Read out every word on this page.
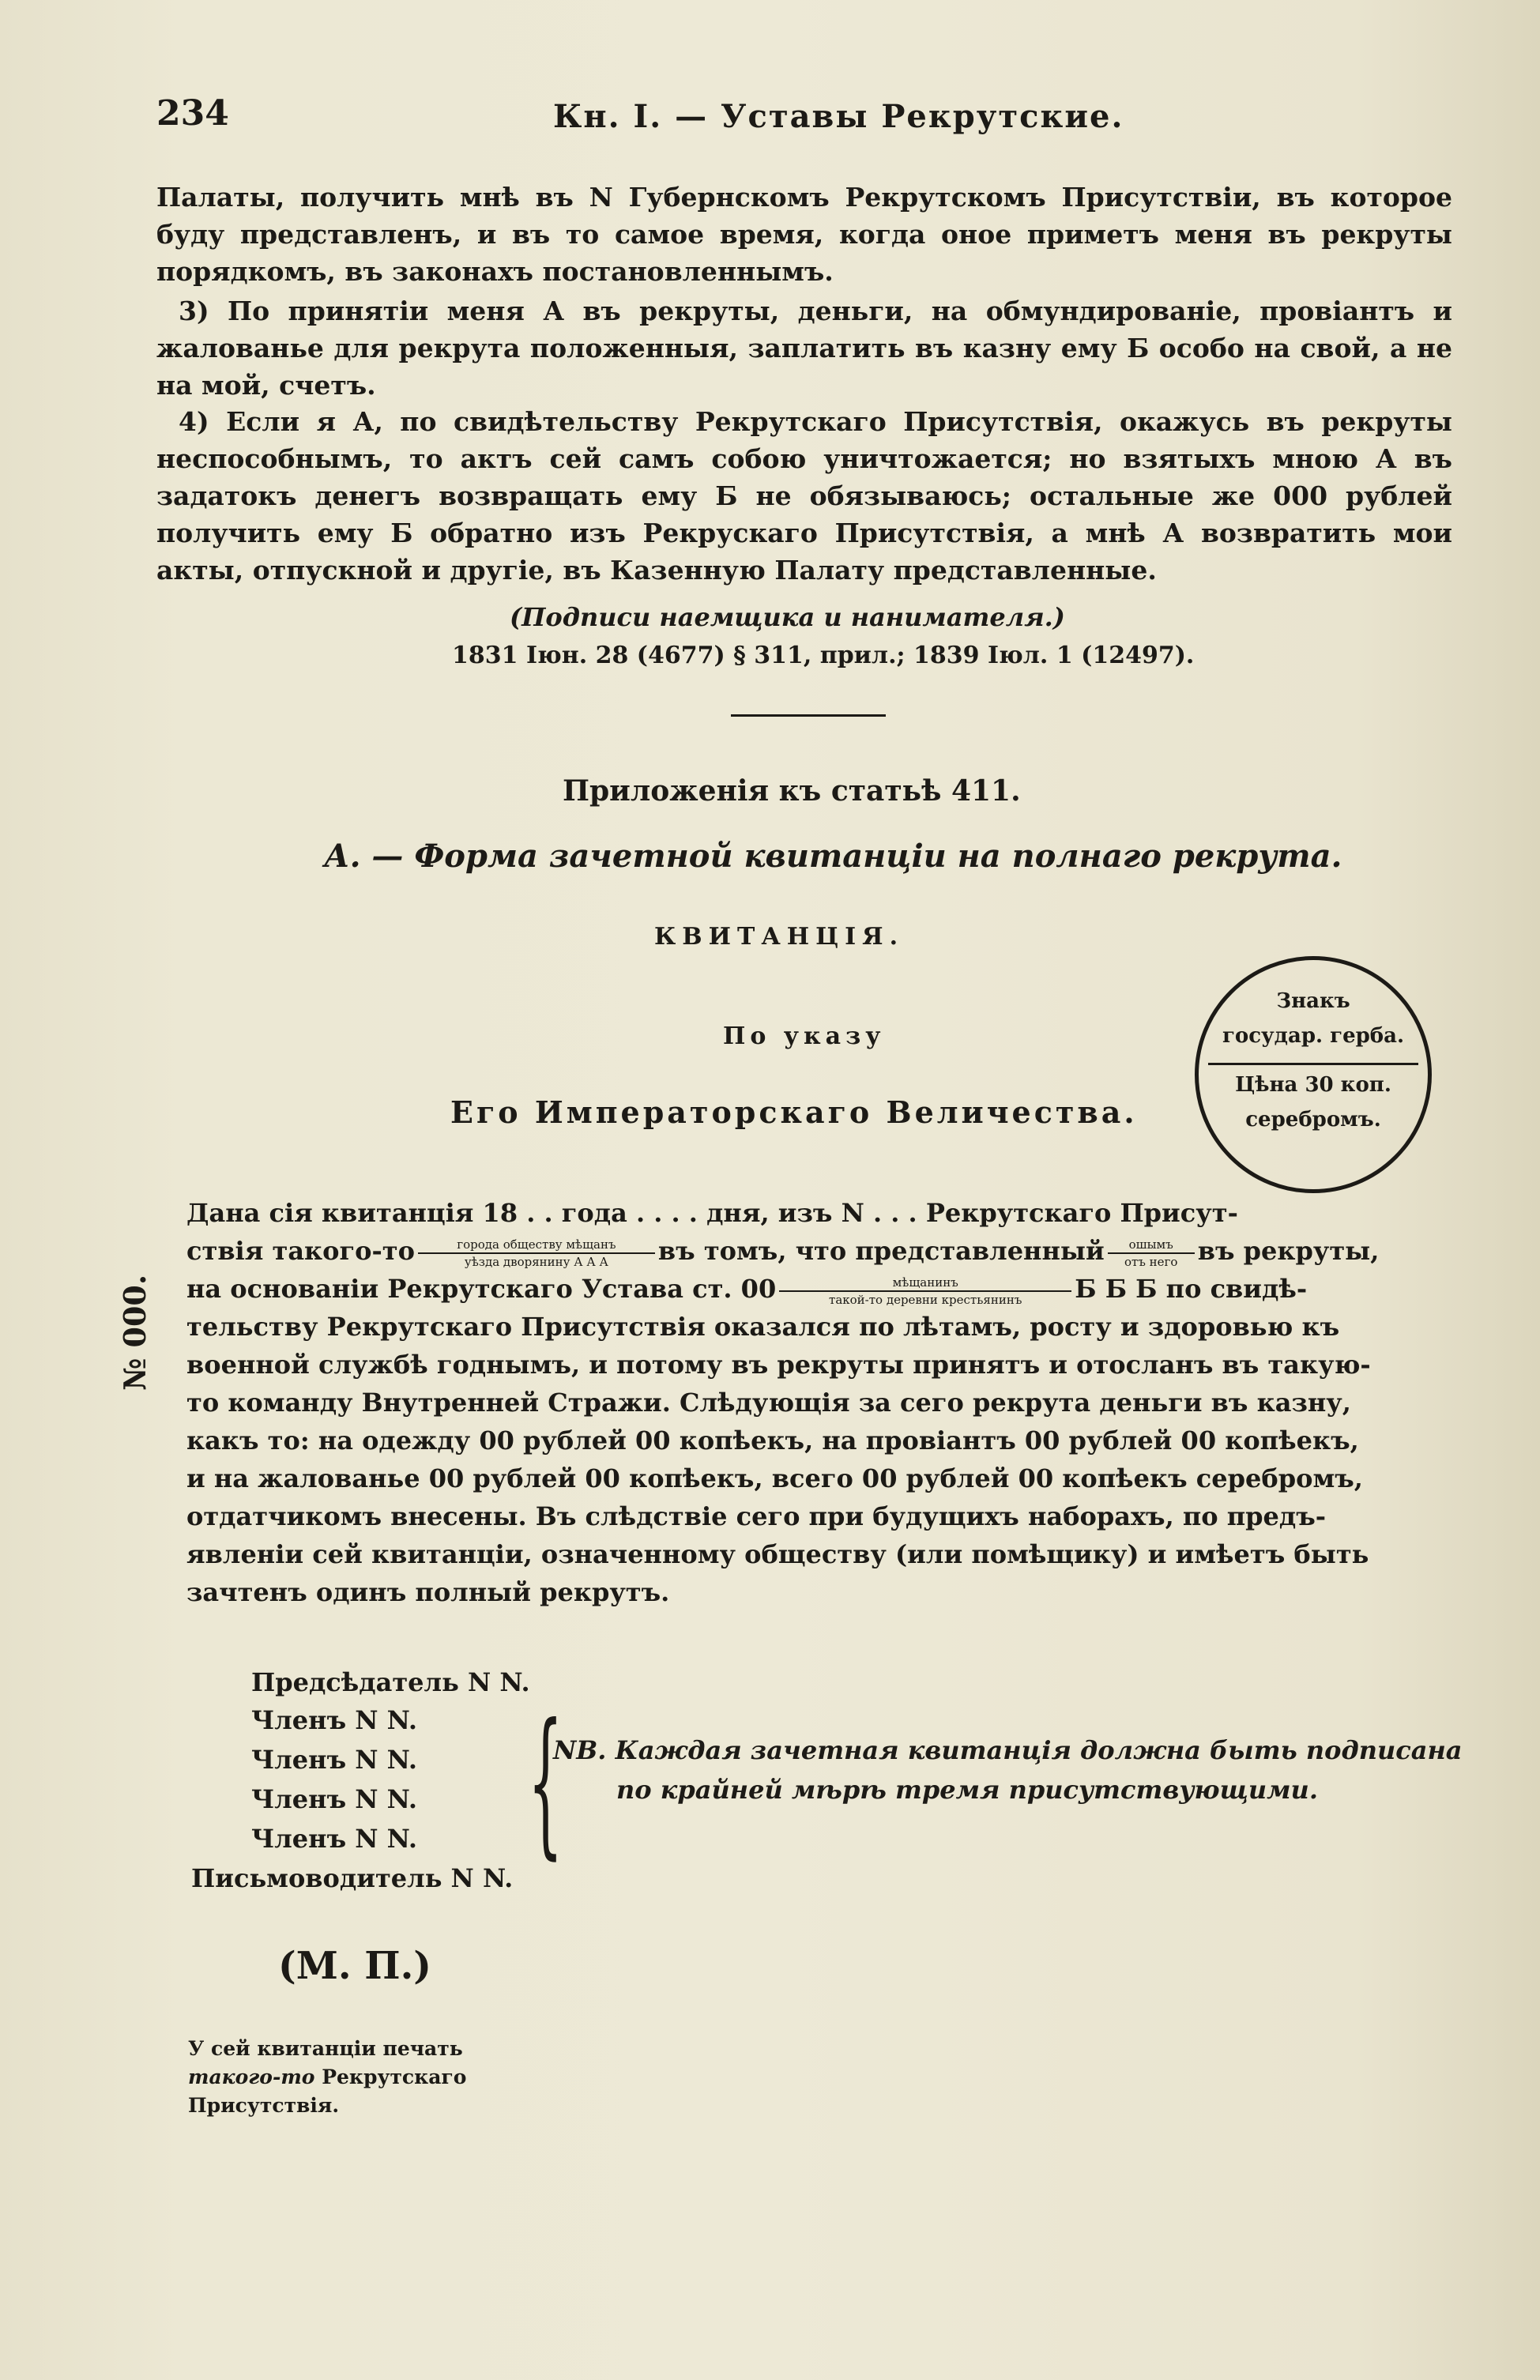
234	Кн. I. — Уставы Рекрутские.
Палаты, получить мнѣ въ N Губернскомъ Рекрутскомъ Присутствіи, въ которое буду представленъ, и въ то самое время, когда оное приметъ меня въ рекруты порядкомъ, въ законахъ постановленнымъ.
3) По принятіи меня А въ рекруты, деньги, на обмундированіе, провіантъ и жалованье для рекрута положенныя, заплатить въ казну ему Б особо на свой, а не на мой, счетъ.
4) Если я А, по свидѣтельству Рекрутскаго Присутствія, окажусь въ рекруты неспособнымъ, то актъ сей самъ собою уничтожается; но взятыхъ мною А въ задатокъ денегъ возвращать ему Б не обязываюсь; остальные же 000 рублей получить ему Б обратно изъ Рекрускаго Присутствія, а мнѣ А возвратить мои акты, отпускной и другіе, въ Казенную Палату представленные.
(Подписи наемщика и нанимателя.)
1831 Іюн. 28 (4677) § 311, прил.; 1839 Іюл. 1 (12497).
Приложенія къ статьѣ 411.
А. — Форма зачетной квитанціи на полнаго рекрута.
КВИТАНЦІЯ.
По указу
Его Императорскаго Величества.
Знакъ
государ. герба.
Цѣна 30 коп.
серебромъ.
№ 000.
Дана сія квитанція 18 . . года . . . . дня, изъ N . . . Рекрутскаго Присут-
ствія такого-то	города обществу мѣщанъ
уѣзда дворянину А А А	въ томъ, что представленный	ошымъ
отъ него въ рекруты,
на основаніи Рекрутскаго Устава ст. 00	мѣщанинъ
такой-то деревни крестьянинъ	Б Б Б по свидѣ-
тельству Рекрутскаго Присутствія оказался по лѣтамъ, росту и здоровью къ
военной службѣ годнымъ, и потому въ рекруты принятъ и отосланъ въ такую-
то команду Внутренней Стражи. Слѣдующія за сего рекрута деньги въ казну,
какъ то: на одежду 00 рублей 00 копѣекъ, на провіантъ 00 рублей 00 копѣекъ,
и на жалованье 00 рублей 00 копѣекъ, всего 00 рублей 00 копѣекъ серебромъ,
отдатчикомъ внесены. Въ слѣдствіе сего при будущихъ наборахъ, по предъ-
явленіи сей квитанціи, означенному обществу (или помѣщику) и имѣетъ быть
зачтенъ одинъ полный рекрутъ.
Предсѣдатель N N.
Членъ N N.
Членъ N N.
Членъ N N.
Членъ N N.
Письмоводитель N N.
{
NB. Каждая зачетная квитанція должна быть подписана
по крайней мѣрѣ тремя присутствующими.
(М. П.)
У сей квитанціи печать
такого-то Рекрутскаго
Присутствія.
